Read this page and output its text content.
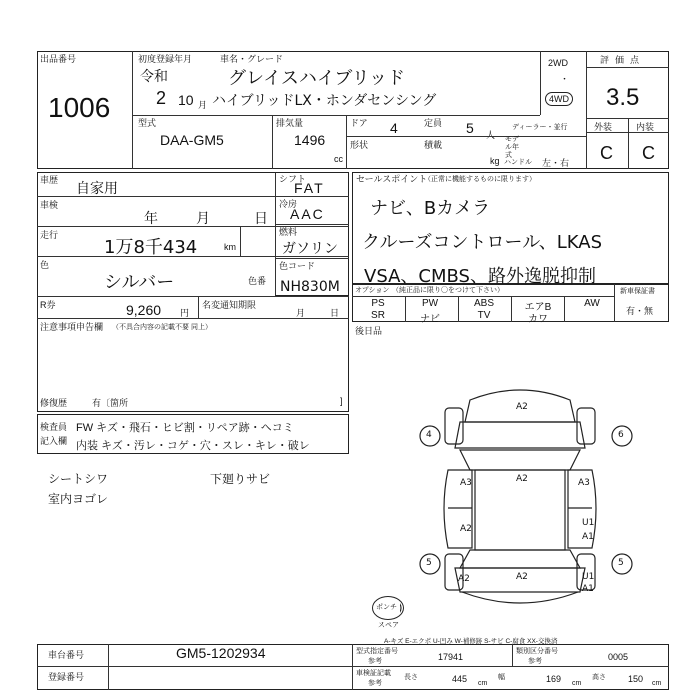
出品番号
1006
初度登録年月	車名・グレード
令和	グレイスハイブリッド
2 10 月 ハイブリッドLX・ホンダセンシング
型式
DAA-GM5
排気量
1496
cc
ドア 4	定員 5 人
形状	積載
kg ハンドル 左・右
ディーラー・並行
モデル年式
2WD
・
4WD
評価点
3.5
外装	内装
C C
車歴 自家用
車検
年	月	日
走行
1万8千434	km
色
シルバー	色番
R券	9,260 円
名変通知期限
月	日
注意事項申告欄 （不具合内容の記載不要 同上）
修復歴	有〔箇所	]
シフト
FAT
冷房
AAC
燃料
ガソリン
色コード
NH830M
セールスポイント
（正常に機能するものに限ります）
ナビ、Bカメラ
クルーズコントロール、LKAS
VSA、CMBS、路外逸脱抑制
オプション （純正品に限り〇をつけて下さい）	新車保証書
有・無
PS	PW	ABS	エアB	AW
SR	ナビ	TV	カワ
後日品
検査員
記入欄
FW キズ・飛石・ヒビ割・リペア跡・ヘコミ
内装 キズ・汚レ・コゲ・穴・スレ・キレ・破レ
シートシワ
室内ヨゴレ
下廻りサビ
ポンチ
スペア
A2
4	6
A3	A2	A3
U1
A1
A2
5	5
A2	A2	U1
A1
A-キズ E-エクボ U-凹み W-補修跡 S-サビ C-腐食 XX-交換済
車台番号	GM5-1202934
登録番号
型式指定番号
参考	17941
類別区分番号
参考	0005
車検証記載
参考
長さ	445 cm
幅	169 cm
高さ 150 cm
